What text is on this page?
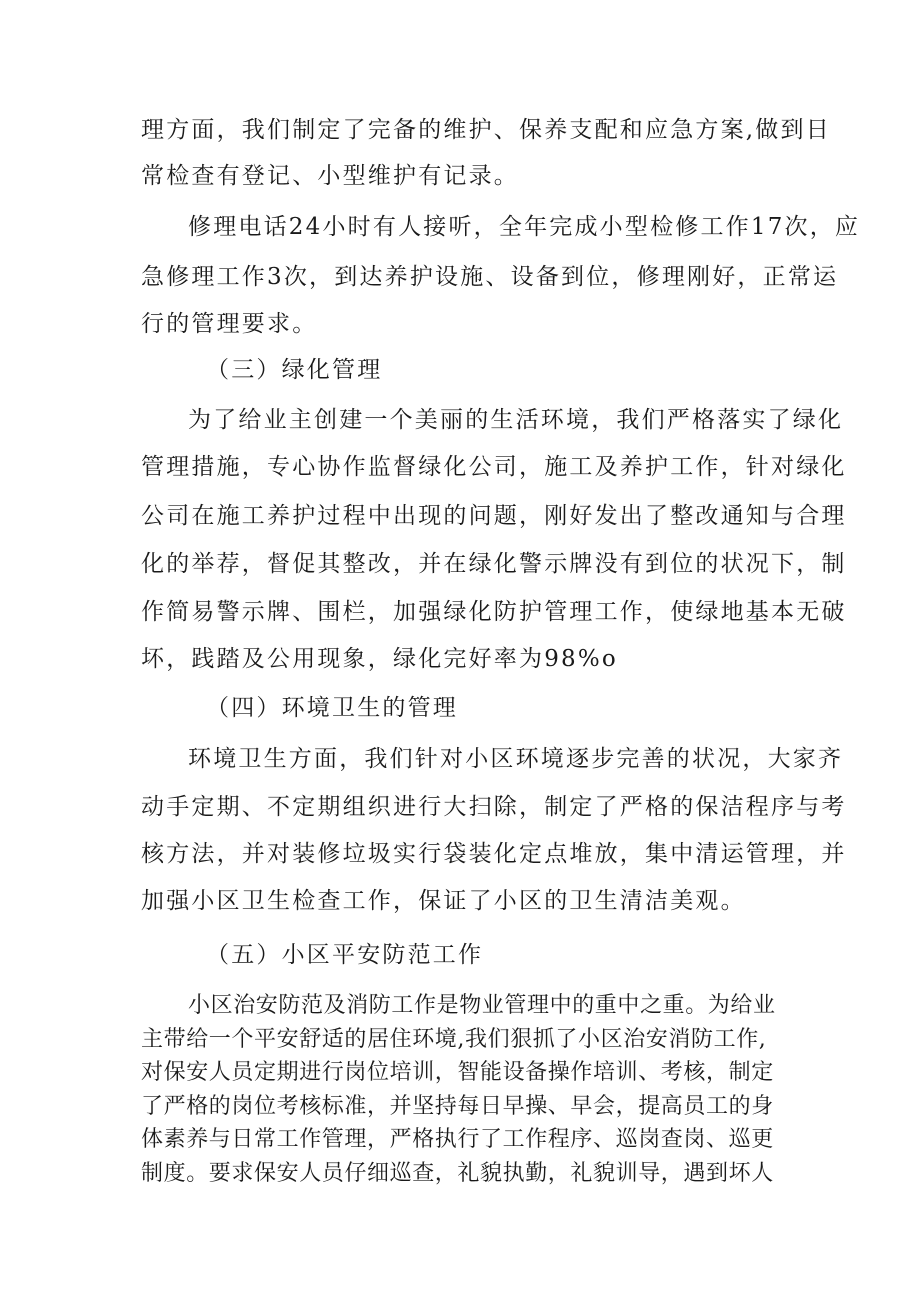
理方面，我们制定了完备的维护、保养支配和应急方案,做到日
常检查有登记、小型维护有记录。
修理电话24小时有人接听，全年完成小型检修工作17次，应
急修理工作3次，到达养护设施、设备到位，修理刚好，正常运
行的管理要求。
（三）绿化管理
为了给业主创建一个美丽的生活环境，我们严格落实了绿化
管理措施，专心协作监督绿化公司，施工及养护工作，针对绿化
公司在施工养护过程中出现的问题，刚好发出了整改通知与合理
化的举荐，督促其整改，并在绿化警示牌没有到位的状况下，制
作简易警示牌、围栏，加强绿化防护管理工作，使绿地基本无破
坏，践踏及公用现象，绿化完好率为98%o
（四）环境卫生的管理
环境卫生方面，我们针对小区环境逐步完善的状况，大家齐
动手定期、不定期组织进行大扫除，制定了严格的保洁程序与考
核方法，并对装修垃圾实行袋装化定点堆放，集中清运管理，并
加强小区卫生检查工作，保证了小区的卫生清洁美观。
（五）小区平安防范工作
小区治安防范及消防工作是物业管理中的重中之重。为给业
主带给一个平安舒适的居住环境,我们狠抓了小区治安消防工作,
对保安人员定期进行岗位培训，智能设备操作培训、考核，制定
了严格的岗位考核标准，并坚持每日早操、早会，提高员工的身
体素养与日常工作管理，严格执行了工作程序、巡岗查岗、巡更
制度。要求保安人员仔细巡查，礼貌执勤，礼貌训导，遇到坏人
